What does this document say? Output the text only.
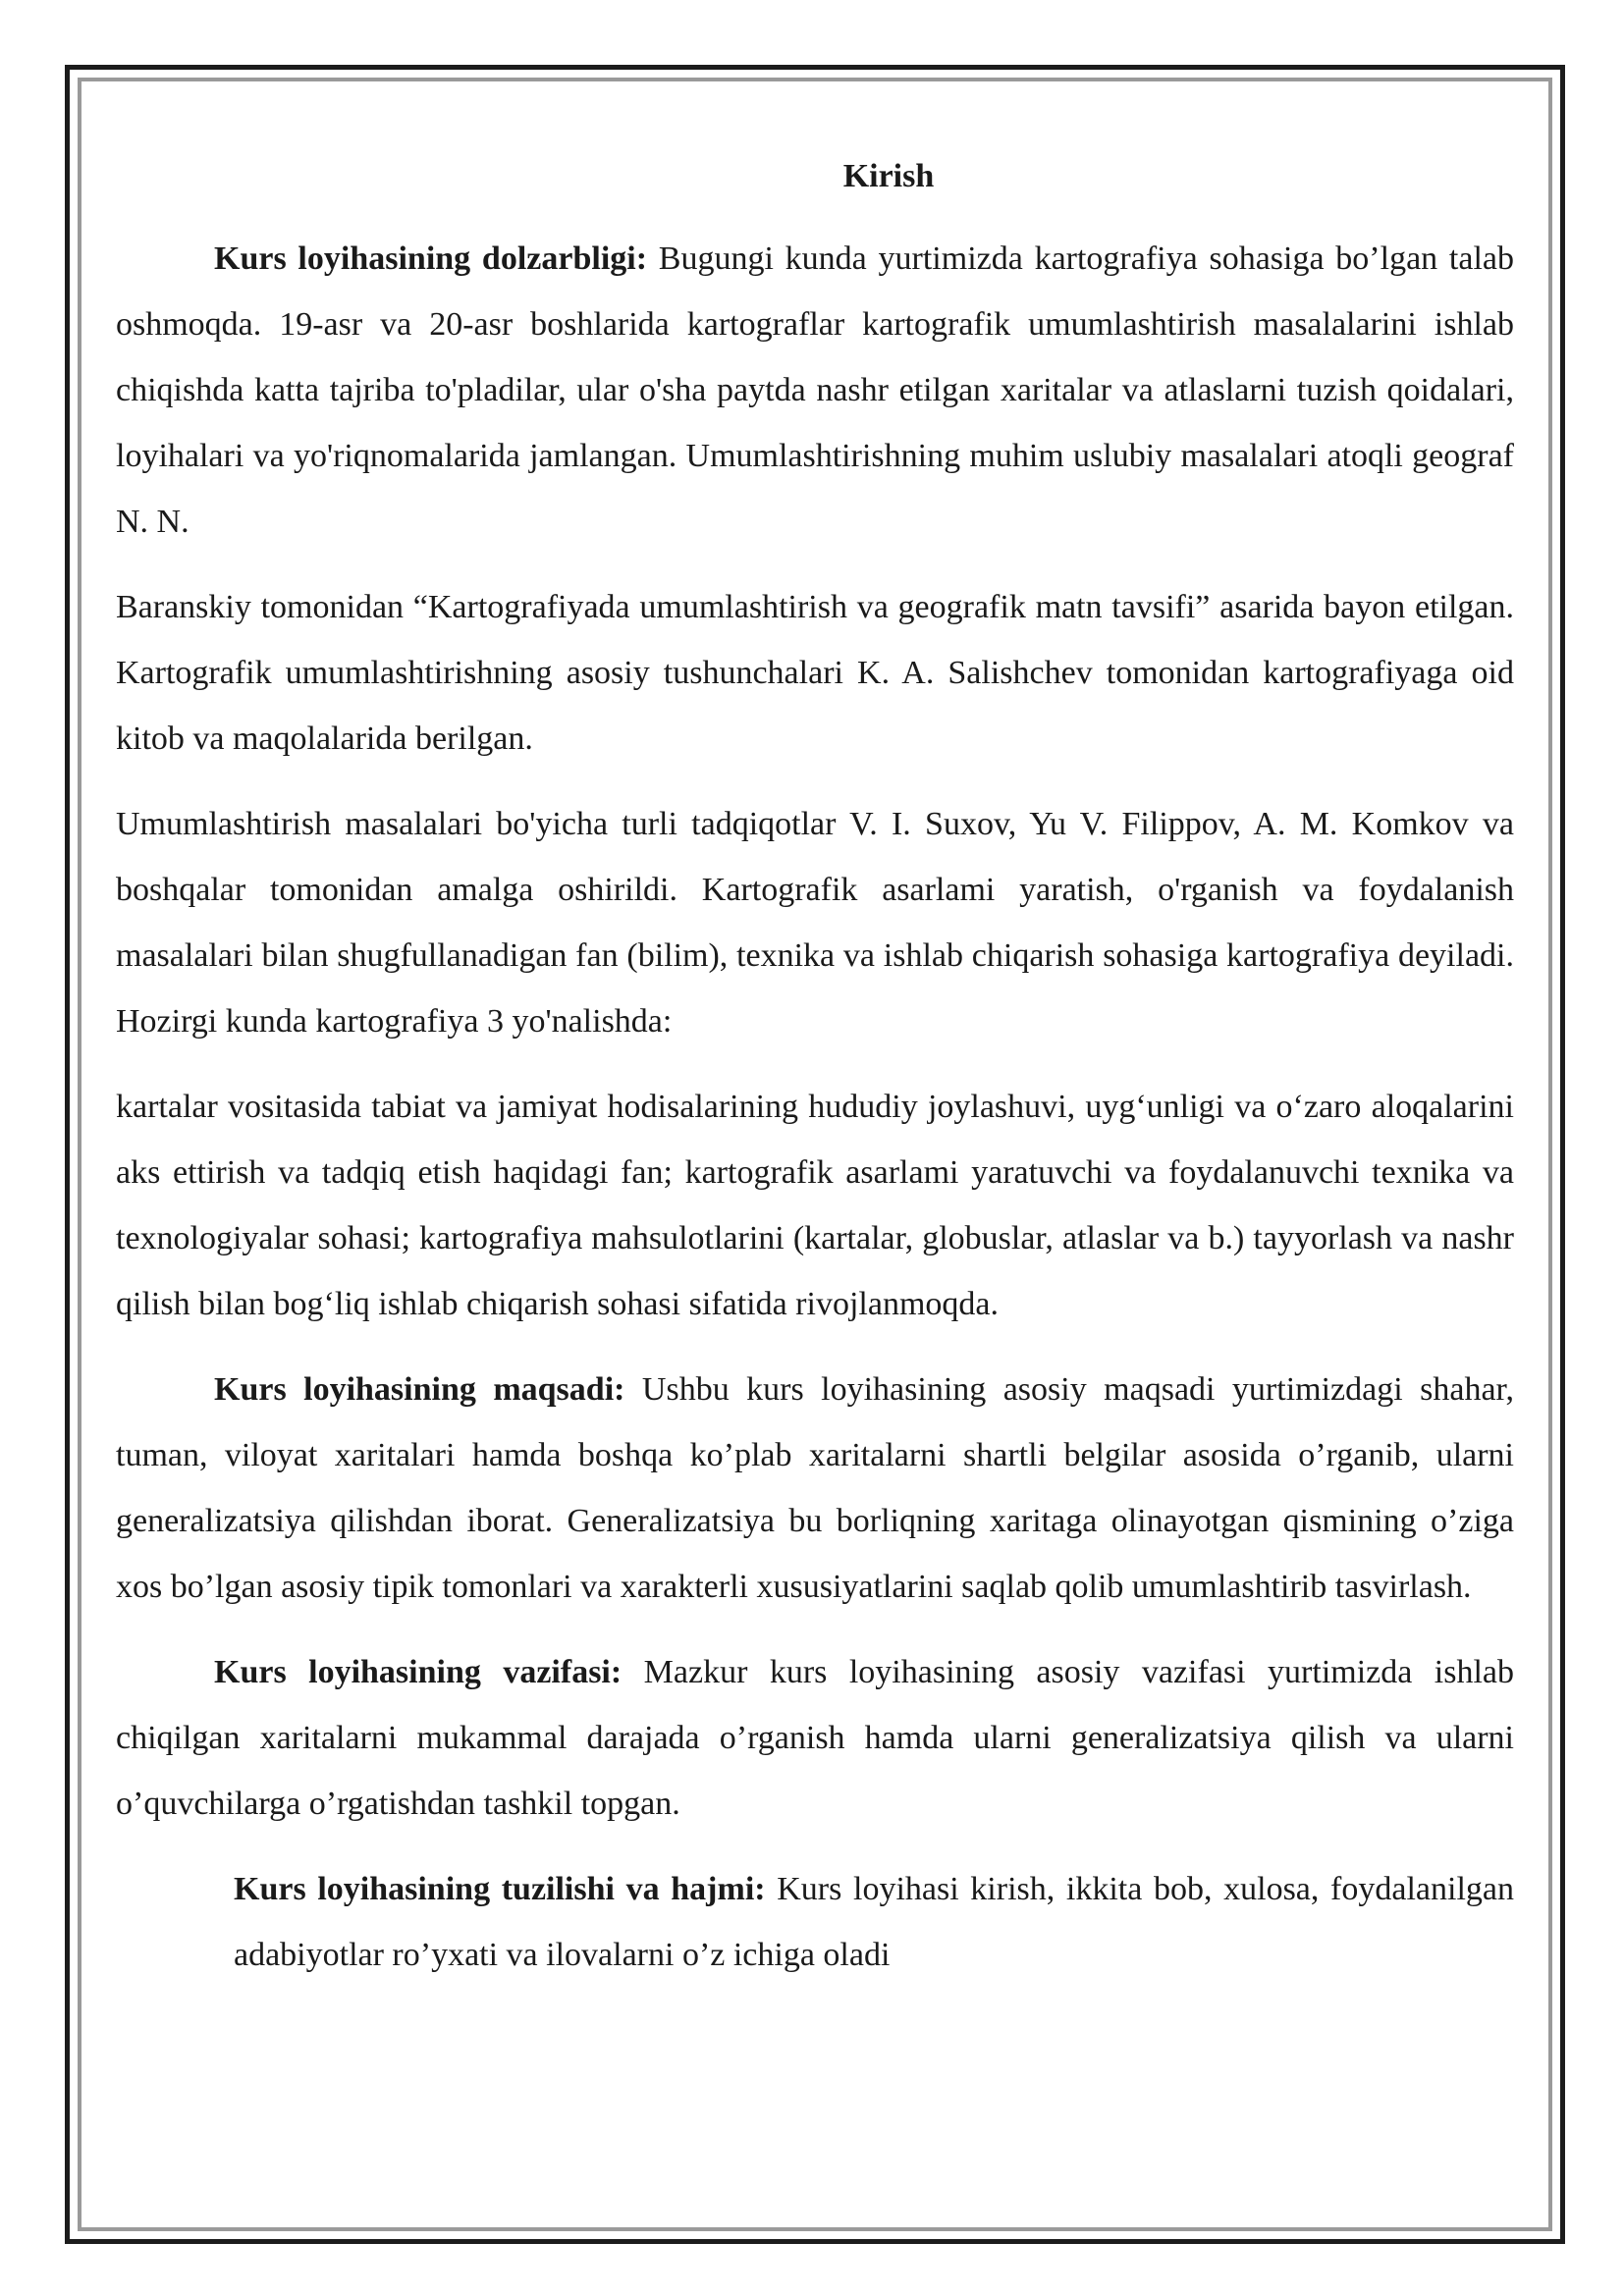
Kirish

Kurs loyihasining dolzarbligi: Bugungi kunda yurtimizda kartografiya sohasiga bo’lgan talab oshmoqda. 19-asr va 20-asr boshlarida kartograflar kartografik umumlashtirish masalalarini ishlab chiqishda katta tajriba to'pladilar, ular o'sha paytda nashr etilgan xaritalar va atlaslarni tuzish qoidalari, loyihalari va yo'riqnomalarida jamlangan. Umumlashtirishning muhim uslubiy masalalari atoqli geograf N. N.

Baranskiy tomonidan “Kartografiyada umumlashtirish va geografik matn tavsifi” asarida bayon etilgan. Kartografik umumlashtirishning asosiy tushunchalari K. A. Salishchev tomonidan kartografiyaga oid kitob va maqolalarida berilgan.

Umumlashtirish masalalari bo'yicha turli tadqiqotlar V. I. Suxov, Yu V. Filippov, A. M. Komkov va boshqalar tomonidan amalga oshirildi. Kartografik asarlami yaratish, o'rganish va foydalanish masalalari bilan shugfullanadigan fan (bilim), texnika va ishlab chiqarish sohasiga kartografiya deyiladi. Hozirgi kunda kartografiya 3 yo'nalishda:

kartalar vositasida tabiat va jamiyat hodisalarining hududiy joylashuvi, uyg‘unligi va o‘zaro aloqalarini aks ettirish va tadqiq etish haqidagi fan; kartografik asarlami yaratuvchi va foydalanuvchi texnika va texnologiyalar sohasi; kartografiya mahsulotlarini (kartalar, globuslar, atlaslar va b.) tayyorlash va nashr qilish bilan bog‘liq ishlab chiqarish sohasi sifatida rivojlanmoqda.

Kurs loyihasining maqsadi: Ushbu kurs loyihasining asosiy maqsadi yurtimizdagi shahar, tuman, viloyat xaritalari hamda boshqa ko’plab xaritalarni shartli belgilar asosida o’rganib, ularni generalizatsiya qilishdan iborat. Generalizatsiya bu borliqning xaritaga olinayotgan qismining o’ziga xos bo’lgan asosiy tipik tomonlari va xarakterli xususiyatlarini saqlab qolib umumlashtirib tasvirlash.

Kurs loyihasining vazifasi: Mazkur kurs loyihasining asosiy vazifasi yurtimizda ishlab chiqilgan xaritalarni mukammal darajada o’rganish hamda ularni generalizatsiya qilish va ularni o’quvchilarga o’rgatishdan tashkil topgan.

Kurs loyihasining tuzilishi va hajmi: Kurs loyihasi kirish, ikkita bob, xulosa, foydalanilgan adabiyotlar ro’yxati va ilovalarni o’z ichiga oladi
